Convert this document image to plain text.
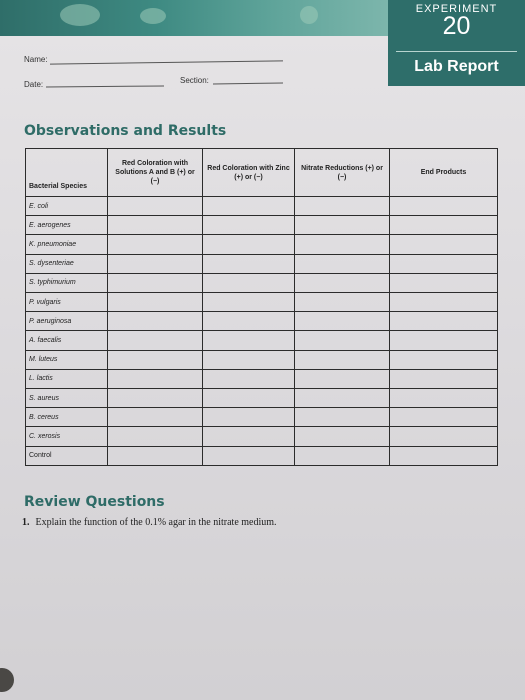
EXPERIMENT
20
Lab Report
Name:
Date:	Section:
Observations and Results
Bacterial Species	Red Coloration with Solutions A and B (+) or (−)	Red Coloration with Zinc (+) or (−)	Nitrate Reductions (+) or (−)	End Products
E. coli				
E. aerogenes				
K. pneumoniae				
S. dysenteriae				
S. typhimurium				
P. vulgaris				
P. aeruginosa				
A. faecalis				
M. luteus				
L. lactis				
S. aureus				
B. cereus				
C. xerosis				
Control				
Review Questions
1. Explain the function of the 0.1% agar in the nitrate medium.
